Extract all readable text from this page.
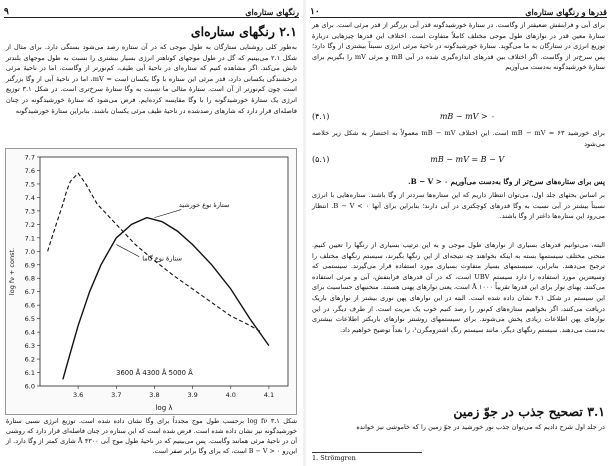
رنگهای ستاره‌ای
۹
۲.۱ رنگهای ستاره‌ای

به‌طور کلی روشنایی ستارگان به طول موجی که در آن ستاره رصد می‌شود بستگی دارد. برای مثال از شکل ۲.۱ می‌بینیم که گل در طول موجهای کوتاهتر انرژی بسیار بیشتری را نسبت به طول موجهای بلندتر تابش می‌کند. اگر مشاهده کنیم که ستاره‌ای در ناحیهٔ آبی طیف، کم‌نورتر از وگاست، اما در ناحیهٔ مرئی درخشندگی یکسانی دارد، قدر مرئی این ستاره با وگا یکسان است = mV، اما در ناحیهٔ آبی از وگا بزرگتر است چون کم‌نورتر از آن است. ستارهٔ مثالی ما نسبت به وگا ستارهٔ سرخ‌تری است. در شکل ۳.۱ توزیع انرژی یک ستارهٔ خورشیدگونه را با وگا مقایسه کرده‌ایم. فرض می‌شود که ستارهٔ خورشیدگونه در چنان فاصله‌ای قرار دارد که شارهای رصدشده در ناحیهٔ طیف مرئی یکسان باشند. بنابراین ستارهٔ خورشیدگونه

6.0
6.1
6.2
6.3
6.4
6.5
6.6
6.7
6.8
6.9
7.0
7.1
7.2
7.3
7.4
7.5
7.6
7.7
3.6	3.7	3.8	3.9	4.0	4.1
log fν + const.
log λ
ستارهٔ نوع خورشید
ستارهٔ نوع گاما
3600 Å 4300 Å 5000 Å

شکل ۳.۱ log fν برحسب طول موج مجدداً برای وگا نشان داده شده است. توزیع انرژی نسبی ستارهٔ خورشیدگونه نیز نشان داده شده است. فرض شده است که این ستاره در چنان فاصله‌ای قرار دارد که روشنی آن در ناحیهٔ مرئی همانند وگاست. پس می‌بینیم که در ناحیهٔ طول موج آبی ۴۳۰۰ Å شاری کمتر از وگا دارد. از این‌رو B − V > ۰ است، که برای وگا برابر صفر است.

قدرها و رنگهای ستاره‌ای
۱۰

برای آبی و فرابنفش ضعیفتر از وگاست. در ستارهٔ خورشیدگونه قدر آبی بزرگتر از قدر مرئی است. برای هر ستارهٔ معین قدر در نوارهای طول موجی مختلف کاملاً متفاوت است. اختلاف این قدرها چیزهایی دربارهٔ توزیع انرژی در ستارگان به ما می‌گوید. ستارهٔ خورشیدگونه در ناحیهٔ مرئی انرژی نسبتاً بیشتری از وگا دارد؛ پس سرخ‌تر از وگاست. اگر اختلاف بین قدرهای اندازه‌گیری شده در آبی mB و مرئی mV را بگیریم برای ستارهٔ خورشیدگونه به‌دست می‌آوریم

(۴.۱)	mB − mV > ۰

برای خورشید ۶۳ = mB − mV است. این اختلاف mB − mV معمولاً به اختصار به شکل زیر خلاصه می‌شود

(۵.۱)	mB − mV = B − V
پس برای ستاره‌های سرخ‌تر از وگا به‌دست می‌آوریم B − V > ۰.

بر اساس بحثهای جلد اول، می‌توان انتظار داریم که این ستاره‌ها سردتر از وگا باشند. ستاره‌هایی با انرژی نسبتاً بیشتر در آبی نسبت به وگا قدرهای کوچکتری در آبی دارند؛ بنابراین برای آنها B − V < ۰. انتظار می‌رود این ستاره‌ها داغتر از وگا باشند.

البته، می‌توانیم قدرهای بسیاری از نوارهای طول موجی و به این ترتیب بسیاری از رنگها را تعیین کنیم. منحنی مختلف سیستمها بسته به اینکه بخواهند چه نتیجه‌ای از این رنگها بگیرند، سیستم رنگهای مختلف را ترجیح می‌دهند. بنابراین، سیستمهای بسیار متفاوت بسیاری مورد استفاده قرار می‌گیرند. سیستمی که وسیعترین مورد استفاده را دارد سیستم UBV است، که در آن قدرهای فرابنفش، آبی و مرئی استفاده می‌کنند. پهنای نوار برای این قدرها تقریباً ۱۰۰۰ Å است، یعنی نوارهای پهنی هستند. منحنیهای حساسیت برای این سیستم در شکل ۴.۱ نشان داده شده است. البته در این نوارهای پهن نوری بیشتر از نوارهای باریک دریافت می‌کنند، اگر بخواهیم ستاره‌های کم‌نور را رصد کنیم خوب یک مزیت است. از طرف دیگر، در این نوارهای پهن اطلاعات زیادی پخش می‌شوند. برای سیستمهای روشنتر نوارهای باریکتر اطلاعات بیشتری به‌دست می‌دهند. سیستم رنگهای دیگر، مانند سیستم رنگ اشترومگرن¹، را بعداً توضیح خواهیم داد.

۳.۱ تصحیح جذب در جوّ زمین

در جلد اول شرح دادیم که می‌توان جذب نور خورشید در جوّ زمین را که خاموشی نیز خوانده

1. Strömgren
